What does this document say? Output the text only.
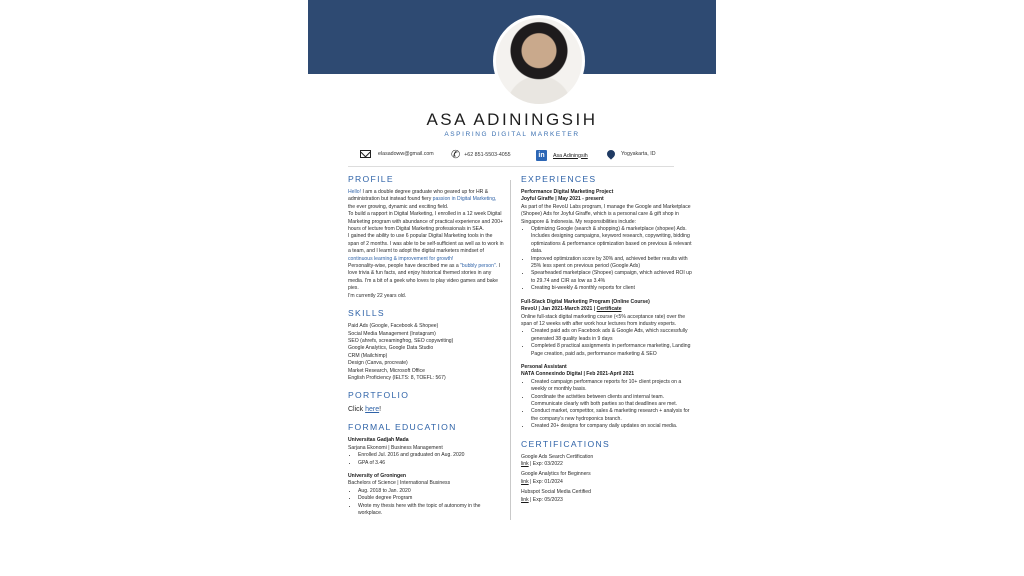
ASA ADININGSIH
ASPIRING DIGITAL MARKETER
elasadoww@gmail.com ✆ +62 851-5503-4055	in	Asa Adiningsih	Yogyakarta, ID
PROFILE

Hello! I am a double degree graduate who geared up for HR & administration but instead found fiery passion in Digital Marketing, the ever growing, dynamic and exciting field.

To build a rapport in Digital Marketing, I enrolled in a 12 week Digital Marketing program with abundance of practical experience and 200+ hours of lecture from Digital Marketing professionals in SEA.

I gained the ability to use 6 popular Digital Marketing tools in the span of 2 months. I was able to be self-sufficient as well as to work in a team, and I learnt to adopt the digital marketers mindset of continuous learning & improvement for growth!

Personality-wise, people have described me as a "bubbly person". I love trivia & fun facts, and enjoy historical themed stories in any media. I'm a bit of a geek who loves to play video games and bake pies.

I'm currently 22 years old.

SKILLS

Paid Ads (Google, Facebook & Shopee)

Social Media Management (Instagram)

SEO (ahrefs, screamingfrog, SEO copywriting)

Google Analytics, Google Data Studio

CRM (Mailchimp)

Design (Canva, procreate)

Market Research, Microsoft Office

English Proficiency (IELTS: 8, TOEFL: 567)

PORTFOLIO

Click here!

FORMAL EDUCATION

Universitas Gadjah Mada

Sarjana Ekonomi | Business Management

• Enrolled Jul. 2016 and graduated on Aug. 2020
• GPA of 3.46

University of Groningen

Bachelors of Science | International Business

• Aug. 2018 to Jan. 2020
• Double degree Program
• Wrote my thesis here with the topic of autonomy in the workplace.
EXPERIENCES

Performance Digital Marketing Project

Joyful Giraffe | May 2021 - present

As part of the RevoU Labs program, I manage the Google and Marketplace (Shopee) Ads for Joyful Giraffe, which is a personal care & gift shop in Singapore & Indonesia. My responsibilities include:

• Optimizing Google (search & shopping) & marketplace (shopee) Ads. Includes designing campaigns, keyword research, copywriting, bidding optimizations & performance optimization based on previous & relevant data.
• Improved optimization score by 30% and, achieved better results with 25% less spent on previous period (Google Ads)
• Spearheaded marketplace (Shopee) campaign, which achieved ROI up to 29.74 and CIR as low as 3.4%
• Creating bi-weekly & monthly reports for client

Full-Stack Digital Marketing Program (Online Course)

RevoU | Jan 2021-March 2021 | Certificate

Online full-stack digital marketing course (<5% acceptance rate) over the span of 12 weeks with after work hour lectures from industry experts.

• Created paid ads on Facebook ads & Google Ads, which successfully generated 38 quality leads in 9 days
• Completed 8 practical assignments in performance marketing, Landing Page creation, paid ads, performance marketing & SEO

Personal Assistant

NATA Connexindo Digital | Feb 2021-April 2021

• Created campaign performance reports for 10+ client projects on a weekly or monthly basis.
• Coordinate the activities between clients and internal team. Communicate clearly with both parties so that deadlines are met.
• Conduct market, competitor, sales & marketing research + analysis for the company's new hydroponics branch.
• Created 20+ designs for company daily updates on social media.
CERTIFICATIONS

Google Ads Search Certification

link | Exp: 03/2022

Google Analytics for Beginners

link | Exp: 01/2024

Hubspot Social Media Certified

link | Exp: 05/2023
